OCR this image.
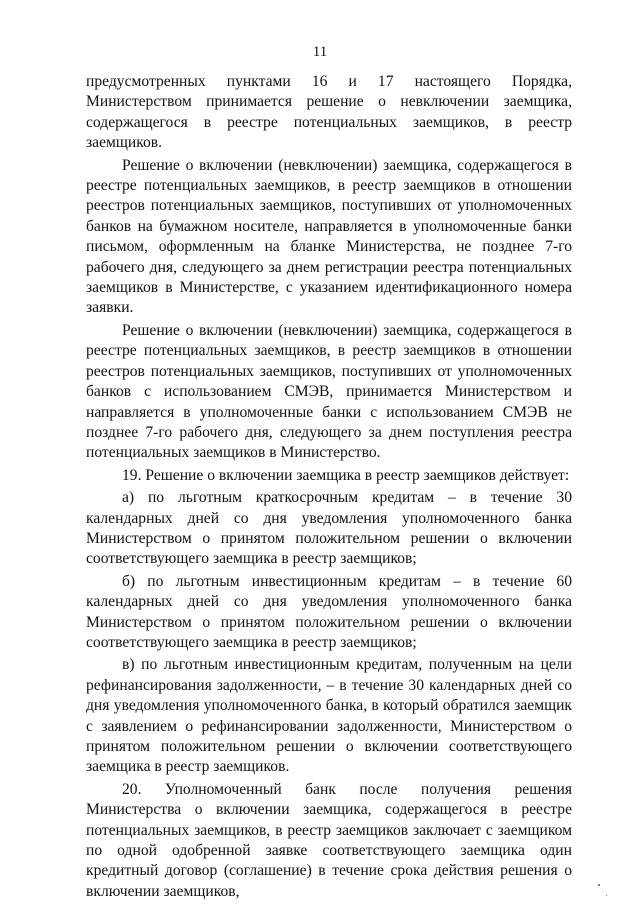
11

предусмотренных пунктами 16 и 17 настоящего Порядка, Министерством принимается решение о невключении заемщика, содержащегося в реестре потенциальных заемщиков, в реестр заемщиков.

Решение о включении (невключении) заемщика, содержащегося в реестре потенциальных заемщиков, в реестр заемщиков в отношении реестров потенциальных заемщиков, поступивших от уполномоченных банков на бумажном носителе, направляется в уполномоченные банки письмом, оформленным на бланке Министерства, не позднее 7-го рабочего дня, следующего за днем регистрации реестра потенциальных заемщиков в Министерстве, с указанием идентификационного номера заявки.

Решение о включении (невключении) заемщика, содержащегося в реестре потенциальных заемщиков, в реестр заемщиков в отношении реестров потенциальных заемщиков, поступивших от уполномоченных банков с использованием СМЭВ, принимается Министерством и направляется в уполномоченные банки с использованием СМЭВ не позднее 7-го рабочего дня, следующего за днем поступления реестра потенциальных заемщиков в Министерство.

19. Решение о включении заемщика в реестр заемщиков действует:

а) по льготным краткосрочным кредитам – в течение 30 календарных дней со дня уведомления уполномоченного банка Министерством о принятом положительном решении о включении соответствующего заемщика в реестр заемщиков;

б) по льготным инвестиционным кредитам – в течение 60 календарных дней со дня уведомления уполномоченного банка Министерством о принятом положительном решении о включении соответствующего заемщика в реестр заемщиков;

в) по льготным инвестиционным кредитам, полученным на цели рефинансирования задолженности, – в течение 30 календарных дней со дня уведомления уполномоченного банка, в который обратился заемщик с заявлением о рефинансировании задолженности, Министерством о принятом положительном решении о включении соответствующего заемщика в реестр заемщиков.

20. Уполномоченный банк после получения решения Министерства о включении заемщика, содержащегося в реестре потенциальных заемщиков, в реестр заемщиков заключает с заемщиком по одной одобренной заявке соответствующего заемщика один кредитный договор (соглашение) в течение срока действия решения о включении заемщиков,
